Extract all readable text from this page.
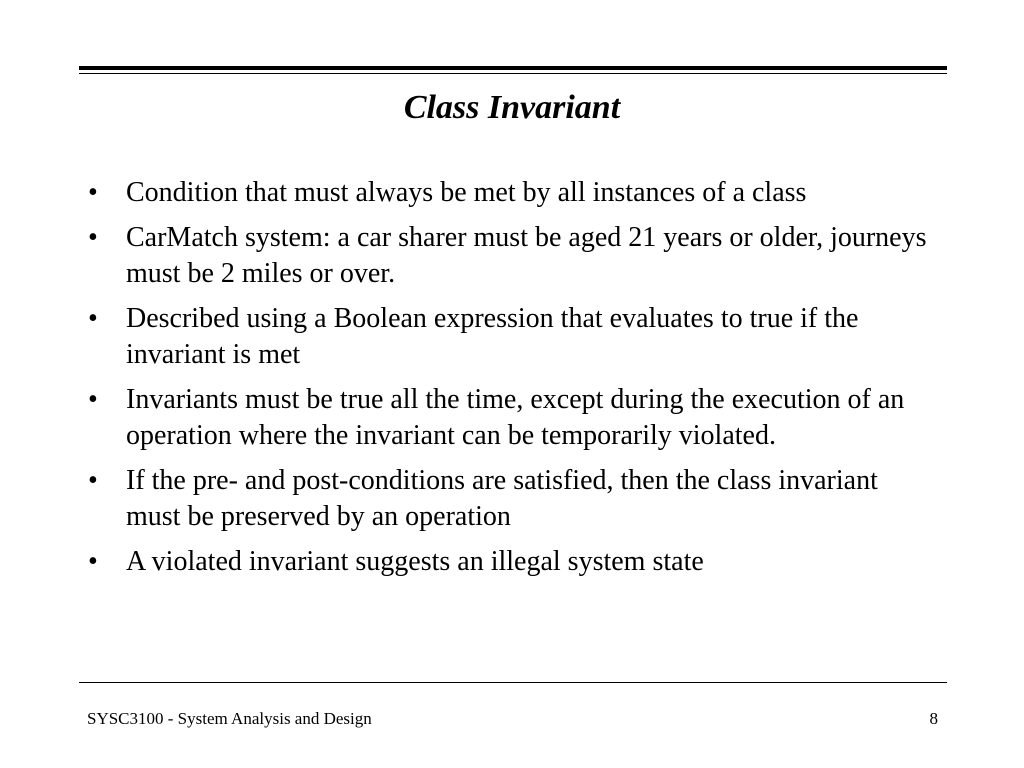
Class Invariant
• Condition that must always be met by all instances of a class
• CarMatch system: a car sharer must be aged 21 years or older, journeys must be 2 miles or over.
• Described using a Boolean expression that evaluates to true if the invariant is met
• Invariants must be true all the time, except during the execution of an operation where the invariant can be temporarily violated.
• If the pre- and post-conditions are satisfied, then the class invariant must be preserved by an operation
• A violated invariant suggests an illegal system state
SYSC3100 - System Analysis and Design	8
